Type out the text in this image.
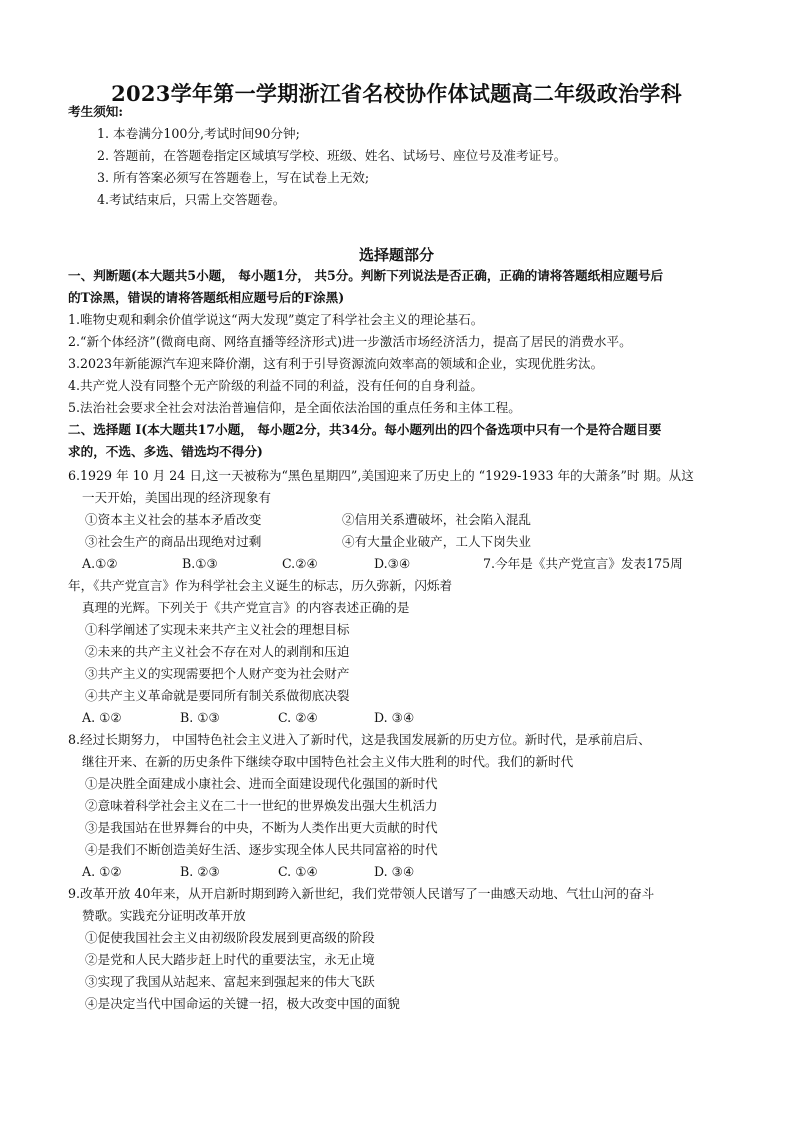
2023学年第一学期浙江省名校协作体试题高二年级政治学科
考生须知:
1. 本卷满分100分,考试时间90分钟;
2. 答题前，在答题卷指定区域填写学校、班级、姓名、试场号、座位号及准考证号。
3. 所有答案必须写在答题卷上，写在试卷上无效;
4.考试结束后，只需上交答题卷。
选择题部分
一、判断题(本大题共5小题， 每小题1分， 共5分。判断下列说法是否正确，正确的请将答题纸相应题号后
的T涂黑，错误的请将答题纸相应题号后的F涂黑)
1.唯物史观和剩余价值学说这“两大发现”奠定了科学社会主义的理论基石。
2.“新个体经济”(微商电商、网络直播等经济形式)进一步激活市场经济活力，提高了居民的消费水平。
3.2023年新能源汽车迎来降价潮，这有利于引导资源流向效率高的领域和企业，实现优胜劣汰。
4.共产党人没有同整个无产阶级的利益不同的利益，没有任何的自身利益。
5.法治社会要求全社会对法治普遍信仰，是全面依法治国的重点任务和主体工程。
二、选择题 Ⅰ(本大题共17小题， 每小题2分，共34分。每小题列出的四个备选项中只有一个是符合题目要
求的，不选、多选、错选均不得分)
6.1929 年 10 月 24 日,这一天被称为“黑色星期四”,美国迎来了历史上的 “1929-1933 年的大萧条”时 期。从这
一天开始，美国出现的经济现象有
①资本主义社会的基本矛盾改变	②信用关系遭破坏，社会陷入混乱
③社会生产的商品出现绝对过剩	④有大量企业破产，工人下岗失业
A.①②	B.①③	C.②④	D.③④	7.今年是《共产党宣言》发表175周
年，《共产党宣言》作为科学社会主义诞生的标志，历久弥新，闪烁着
真理的光辉。下列关于《共产党宣言》的内容表述正确的是
①科学阐述了实现未来共产主义社会的理想目标
②未来的共产主义社会不存在对人的剥削和压迫
③共产主义的实现需要把个人财产变为社会财产
④共产主义革命就是要同所有制关系做彻底决裂
A. ①②	B. ①③	C. ②④	D. ③④
8.经过长期努力， 中国特色社会主义进入了新时代，这是我国发展新的历史方位。新时代，是承前启后、
继往开来、在新的历史条件下继续夺取中国特色社会主义伟大胜利的时代。我们的新时代
①是决胜全面建成小康社会、进而全面建设现代化强国的新时代
②意味着科学社会主义在二十一世纪的世界焕发出强大生机活力
③是我国站在世界舞台的中央，不断为人类作出更大贡献的时代
④是我们不断创造美好生活、逐步实现全体人民共同富裕的时代
A. ①②	B. ②③	C. ①④	D. ③④
9.改革开放 40年来，从开启新时期到跨入新世纪，我们党带领人民谱写了一曲感天动地、气壮山河的奋斗
赞歌。实践充分证明改革开放
①促使我国社会主义由初级阶段发展到更高级的阶段
②是党和人民大踏步赶上时代的重要法宝，永无止境
③实现了我国从站起来、富起来到强起来的伟大飞跃
④是决定当代中国命运的关键一招，极大改变中国的面貌
